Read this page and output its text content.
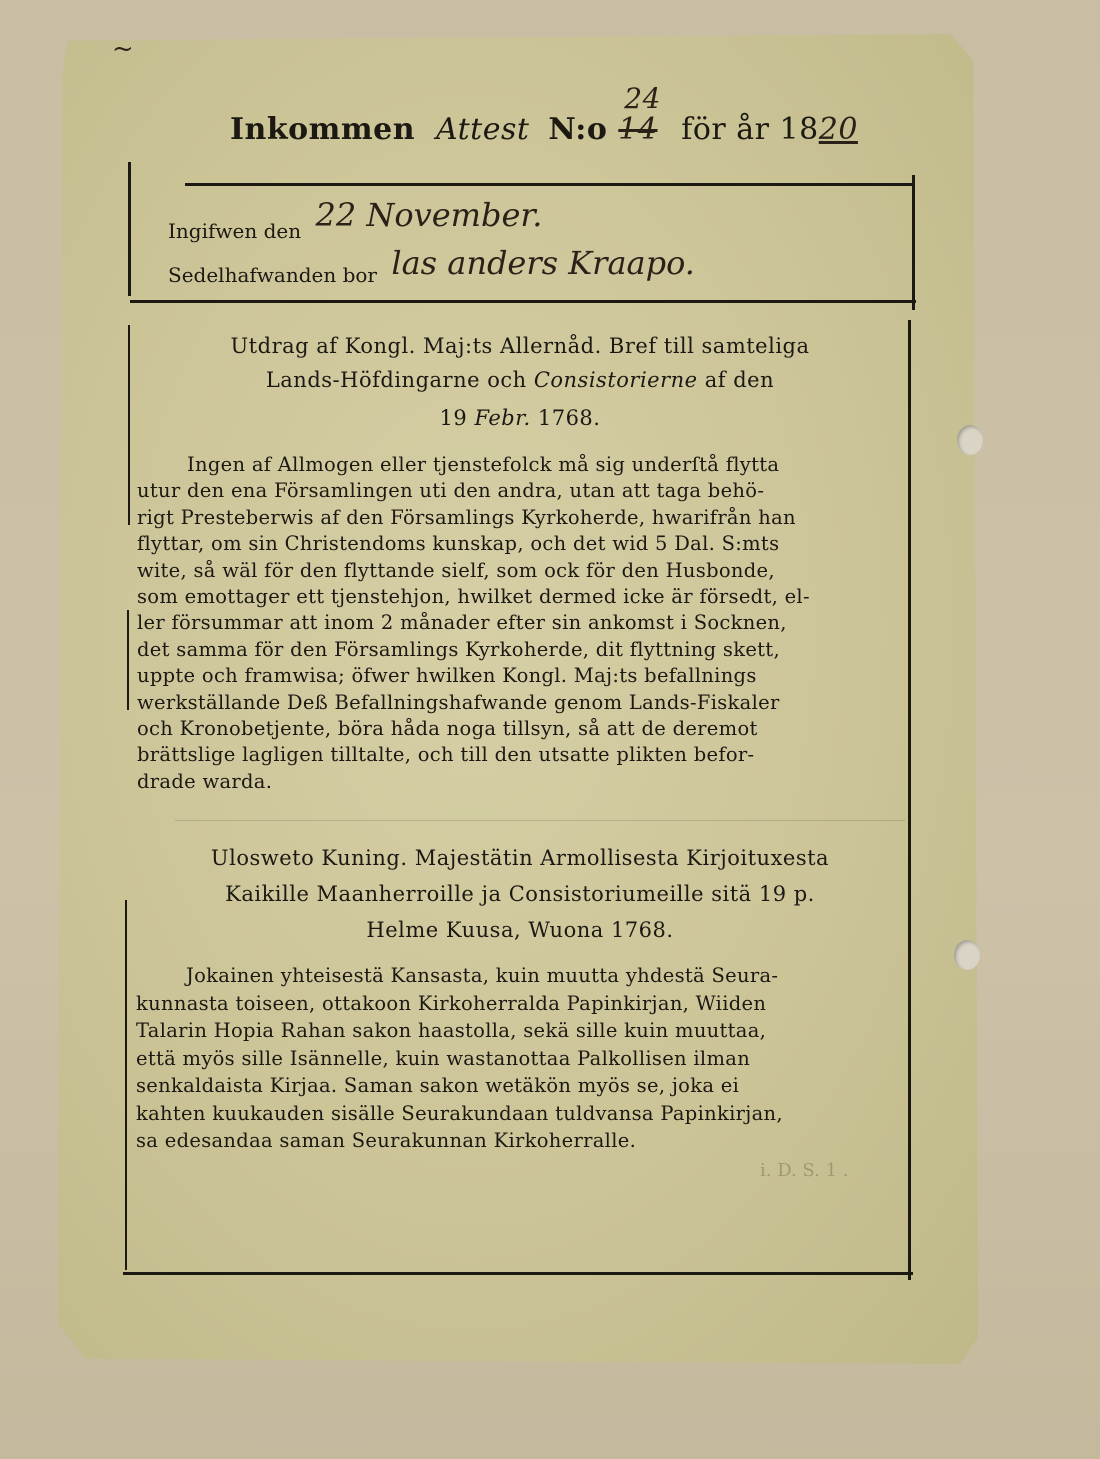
~
Inkommen Attest N:o 14
24
för år 1820
Ingifwen den 22 November.
Sedelhafwanden bor las anders Kraapo.
Utdrag af Kongl. Maj:ts Allernåd. Bref till samteliga
Lands-Höfdingarne och Consistorierne af den
19 Febr. 1768.
Ingen af Allmogen eller tjenstefolck må sig underſtå flytta
utur den ena Församlingen uti den andra, utan att taga behö-
rigt Presteberwis af den Församlings Kyrkoherde, hwarifrån han
flyttar, om sin Christendoms kunskap, och det wid 5 Dal. S:mts
wite, så wäl för den flyttande sielf, som ock för den Husbonde,
som emottager ett tjenstehjon, hwilket dermed icke är försedt, el-
ler försummar att inom 2 månader efter sin ankomst i Socknen,
det samma för den Församlings Kyrkoherde, dit flyttning skett,
uppte och framwisa; öfwer hwilken Kongl. Maj:ts befallnings
werkställande Deß Befallningshafwande genom Lands-Fiskaler
och Kronobetjente, böra håda noga tillsyn, så att de deremot
brättslige lagligen tilltalte, och till den utsatte plikten befor-
drade warda.
Ulosweto Kuning. Majestätin Armollisesta Kirjoituxesta
Kaikille Maanherroille ja Consistoriumeille sitä 19 p.
Helme Kuusa, Wuona 1768.
Jokainen yhteisestä Kansasta, kuin muutta yhdestä Seura-
kunnasta toiseen, ottakoon Kirkoherralda Papinkirjan, Wiiden
Talarin Hopia Rahan sakon haastolla, sekä sille kuin muuttaa,
että myös sille Isännelle, kuin wastanottaa Palkollisen ilman
senkaldaista Kirjaa. Saman sakon wetäkön myös se, joka ei
kahten kuukauden sisälle Seurakundaan tuldvansa Papinkirjan,
sa edesandaa saman Seurakunnan Kirkoherralle.
i. D. S. 1 .
